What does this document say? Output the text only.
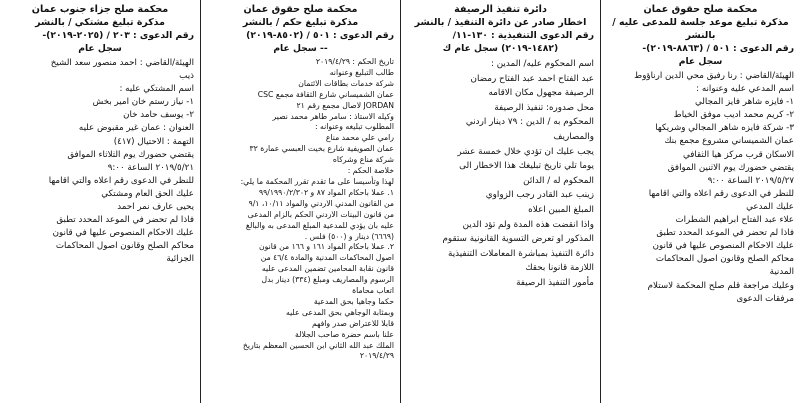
محكمة صلح حقوق عمان
مذكرة تبليغ موعد جلسة للمدعى عليه / بالنشر
رقم الدعوى : ٥٠١ / (٨٨٦٣-٢٠١٩)-
سجل عام
الهيئة/القاضي : رنا رفيق محي الدين ارناؤوط
اسم المدعي عليه وعنوانه :
١- فايزه شاهر فايز المجالي
٢- كريم محمد اديب موفق الخياط
٣- شركة فايزه شاهر المجالي وشريكها
عمان الشميساني مشروع مجمع بنك
الاسكان قرب مركز هيا الثقافي
يقتضي حضورك يوم الاثنين الموافق
٢٠١٩/٥/٢٧ الساعة ٩:٠٠
للنظر في الدعوى رقم اعلاه والتي اقامها
عليك المدعي
علاء عبد الفتاح ابراهيم الشطرات
فاذا لم تحضر في الموعد المحدد تطبق
عليك الاحكام المنصوص عليها في قانون
محاكم الصلح وقانون اصول المحاكمات
المدنية
وعليك مراجعة قلم صلح المحكمة لاستلام
مرفقات الدعوى
دائرة تنفيذ الرصيفة
اخطار صادر عن دائرة التنفيذ / بالنشر
رقم الدعوى التنفيذية : ١٣٠-١١/
(١٤٨٢-٢٠١٩) سجل عام ك
اسم المحكوم عليه/ المدين :
عبد الفتاح احمد عبد الفتاح رمضان
الرصيفة مجهول مكان الاقامه
محل صدوره: تنفيذ الرصيفة
المحكوم به / الدين : ٧٩ دينار اردني
والمصاريف
يجب عليك ان تؤدي خلال خمسة عشر
يوما تلي تاريخ تبليغك هذا الاخطار الى
المحكوم له / الدائن
زينب عبد القادر رجب الزواوي
المبلغ المبين اعلاه
واذا انقضت هذه المدة ولم تؤد الدين
المذكور او تعرض التسوية القانونية ستقوم
دائرة التنفيذ بمباشرة المعاملات التنفيذية
اللازمة قانونا بحقك
مأمور التنفيذ الرصيفة
محكمة صلح حقوق عمان
مذكرة تبليغ حكم / بالنشر
رقم الدعوى : ٥٠١ / (٨٥٠٢-٢٠١٩)
-- سجل عام
تاريخ الحكم : ٢٠١٩/٤/٢٩
طالب التبليغ وعنوانه
شركة خدمات بطاقات الائتمان
عمان الشميساني شارع الثقافة مجمع CSC
JORDAN لاصال مجمع رقم ٢١
وكيله الاستاذ : سامر طاهر محمد نصير
المطلوب تبليغه وعنوانه :
رامي علي محمد مناع
عمان الصويفية شارع بخيت العبسي عمارة ٣٢
شركة مناع وشركاه
خلاصة الحكم :
لهذا وتأسيسا على ما تقدم تقرر المحكمة ما يلي:
١. عملا باحكام المواد ٨٧ و ٩٩/١٩٩٠/٢/٣٠٢
من القانون المدني الاردني والمواد ١٠/١١، ٩/١
من قانون البينات الاردني الحكم بالزام المدعى
عليه بان يؤدي للمدعية المبلغ المدعى به والبالغ
(٦٦٦٩) دينار و (٥٠٠) فلس .
٢. عملا باحكام المواد ١٦١ و ١٦٦ من قانون
اصول المحاكمات المدنية والمادة ٤٦/٤ من
قانون نقابة المحامين تضمين المدعى عليه
الرسوم والمصاريف ومبلغ (٣٣٤) دينار بدل
اتعاب محاماة
حكما وجاهيا بحق المدعية
وبمثابة الوجاهي بحق المدعى عليه
قابلا للاعتراض صدر وافهم
علنا باسم حضرة صاحب الجلالة
الملك عبد الله الثاني ابن الحسين المعظم بتاريخ
٢٠١٩/٤/٢٩
محكمة صلح جزاء جنوب عمان
مذكرة تبليغ مشتكي / بالنشر
رقم الدعوى : ٢٠٣ / (٢٠٢٥-٢٠١٩)-
سجل عام
الهيئة/القاضي : احمد منصور سعد الشيخ
ذيب
اسم المشتكي عليه :
١- نياز رستم خان امير بخش
٢- يوسف حامد خان
العنوان : عمان غير مقبوض عليه
التهمة : الاحتيال (٤١٧)
يقتضي حضورك يوم الثلاثاء الموافق
٢٠١٩/٥/٢١ الساعة ٩:٠٠
للنظر في الدعوى رقم اعلاه والتي اقامها
عليك الحق العام ومشتكي
يحيى عارف نمر احمد
فاذا لم تحضر في الموعد المحدد تطبق
عليك الاحكام المنصوص عليها في قانون
محاكم الصلح وقانون اصول المحاكمات
الجزائية
